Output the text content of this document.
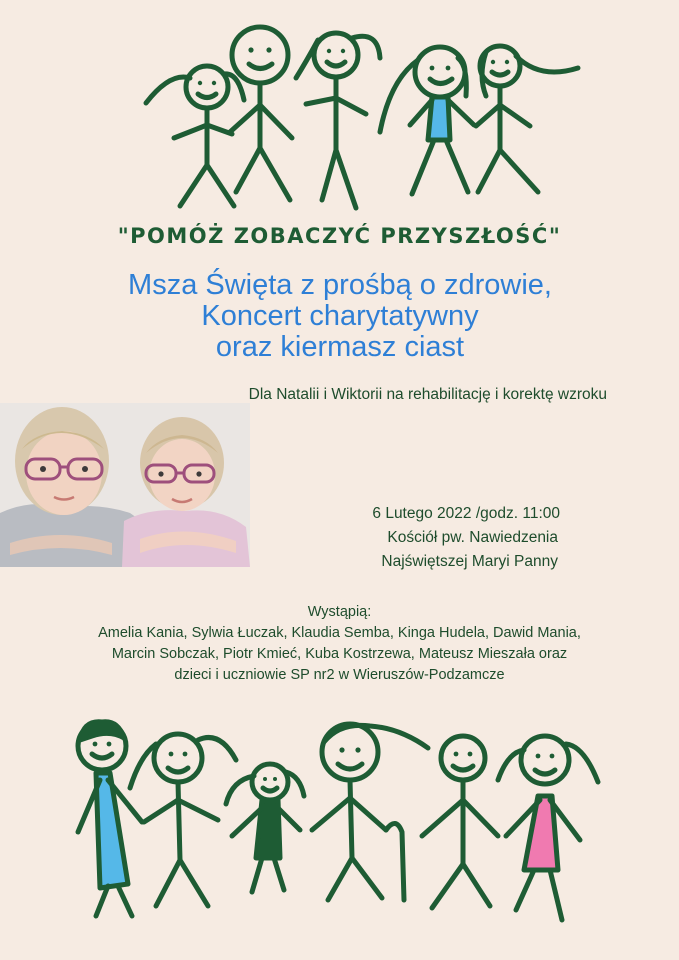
"POMÓŻ ZOBACZYĆ PRZYSZŁOŚĆ"
Msza Święta z prośbą o zdrowie,
Koncert charytatywny
oraz kiermasz ciast
Dla Natalii i Wiktorii na rehabilitację i korektę wzroku
6 Lutego 2022 /godz. 11:00
Kościół pw. Nawiedzenia
Najświętszej Maryi Panny
Wystąpią:
Amelia Kania, Sylwia Łuczak, Klaudia Semba, Kinga Hudela, Dawid Mania,
Marcin Sobczak, Piotr Kmieć, Kuba Kostrzewa, Mateusz Mieszała oraz
dzieci i uczniowie SP nr2 w Wieruszów-Podzamcze
